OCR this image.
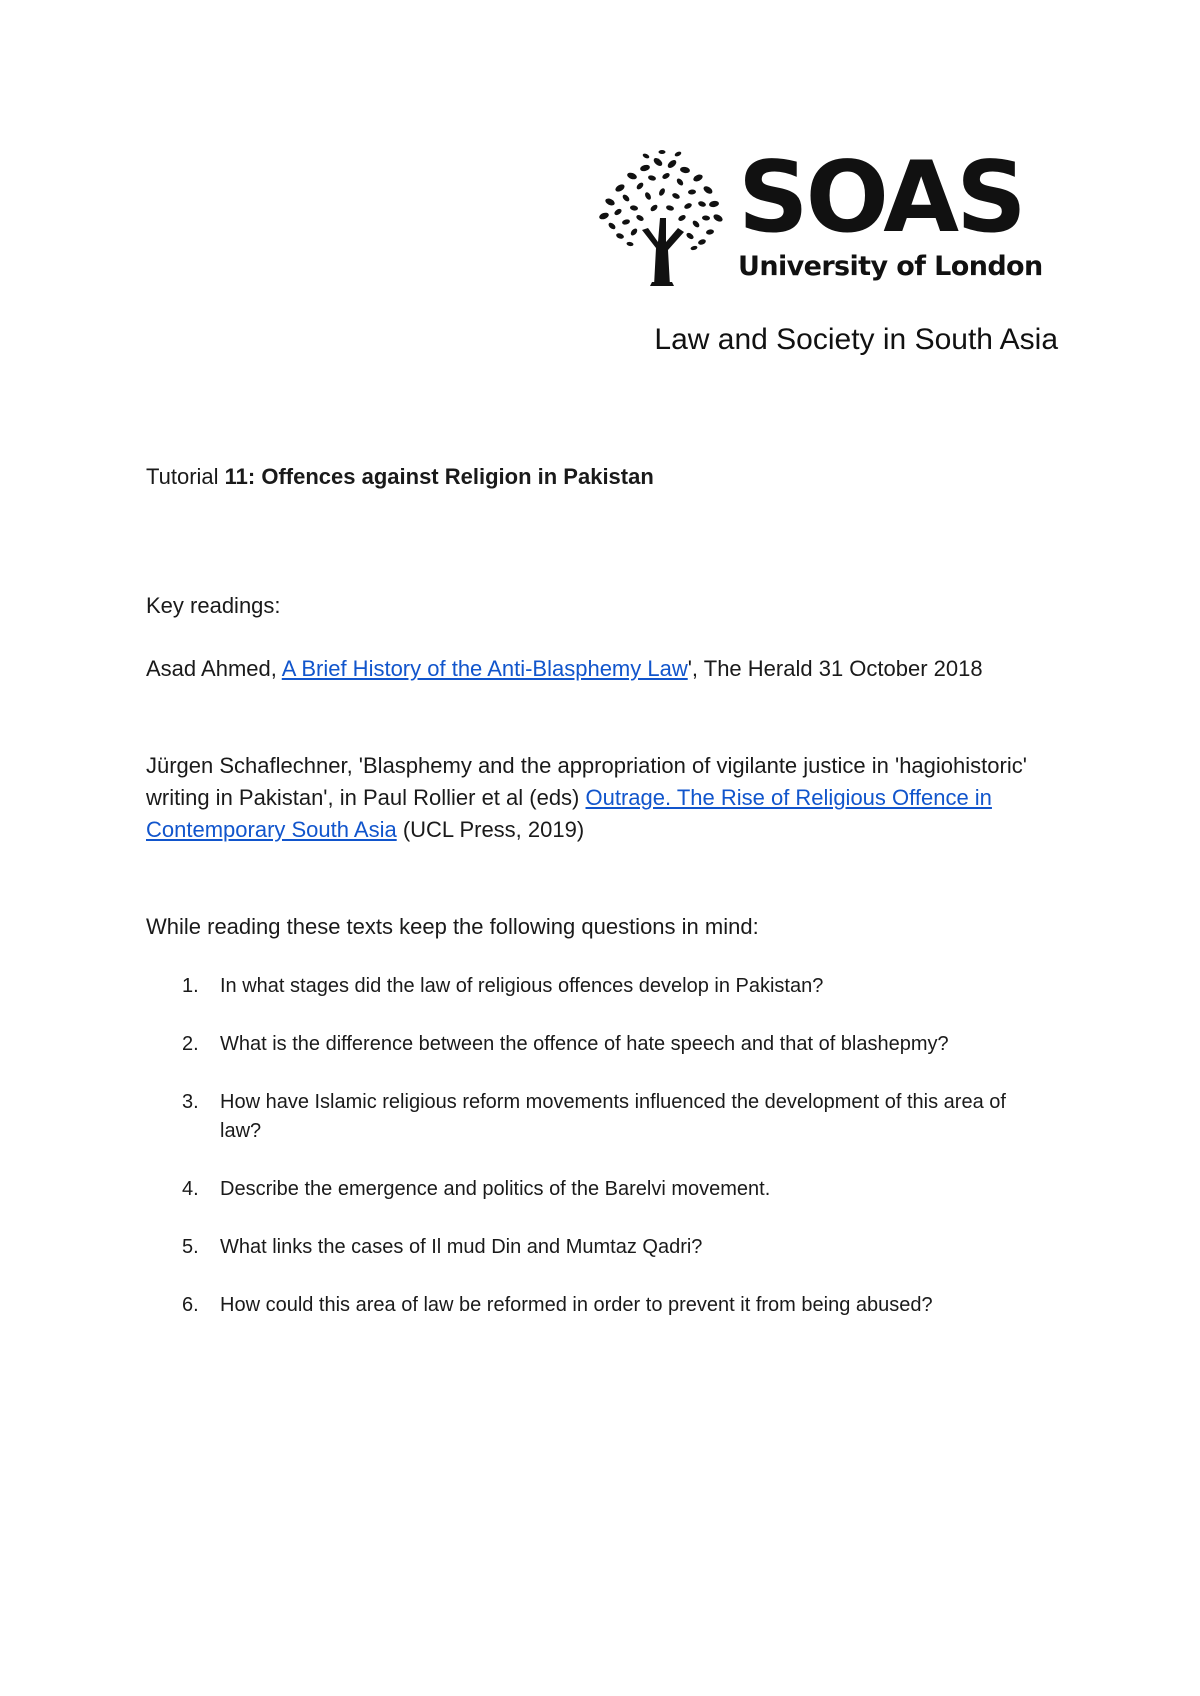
SOAS
University of London
Law and Society in South Asia
Tutorial 11: Offences against Religion in Pakistan
Key readings:
Asad Ahmed, A Brief History of the Anti-Blasphemy Law', The Herald 31 October 2018
Jürgen Schaflechner, 'Blasphemy and the appropriation of vigilante justice in 'hagiohistoric' writing in Pakistan', in Paul Rollier et al (eds) Outrage. The Rise of Religious Offence in Contemporary South Asia (UCL Press, 2019)
While reading these texts keep the following questions in mind:
1. In what stages did the law of religious offences develop in Pakistan?
2. What is the difference between the offence of hate speech and that of blashepmy?
3. How have Islamic religious reform movements influenced the development of this area of law?
4. Describe the emergence and politics of the Barelvi movement.
5. What links the cases of Il mud Din and Mumtaz Qadri?
6. How could this area of law be reformed in order to prevent it from being abused?
